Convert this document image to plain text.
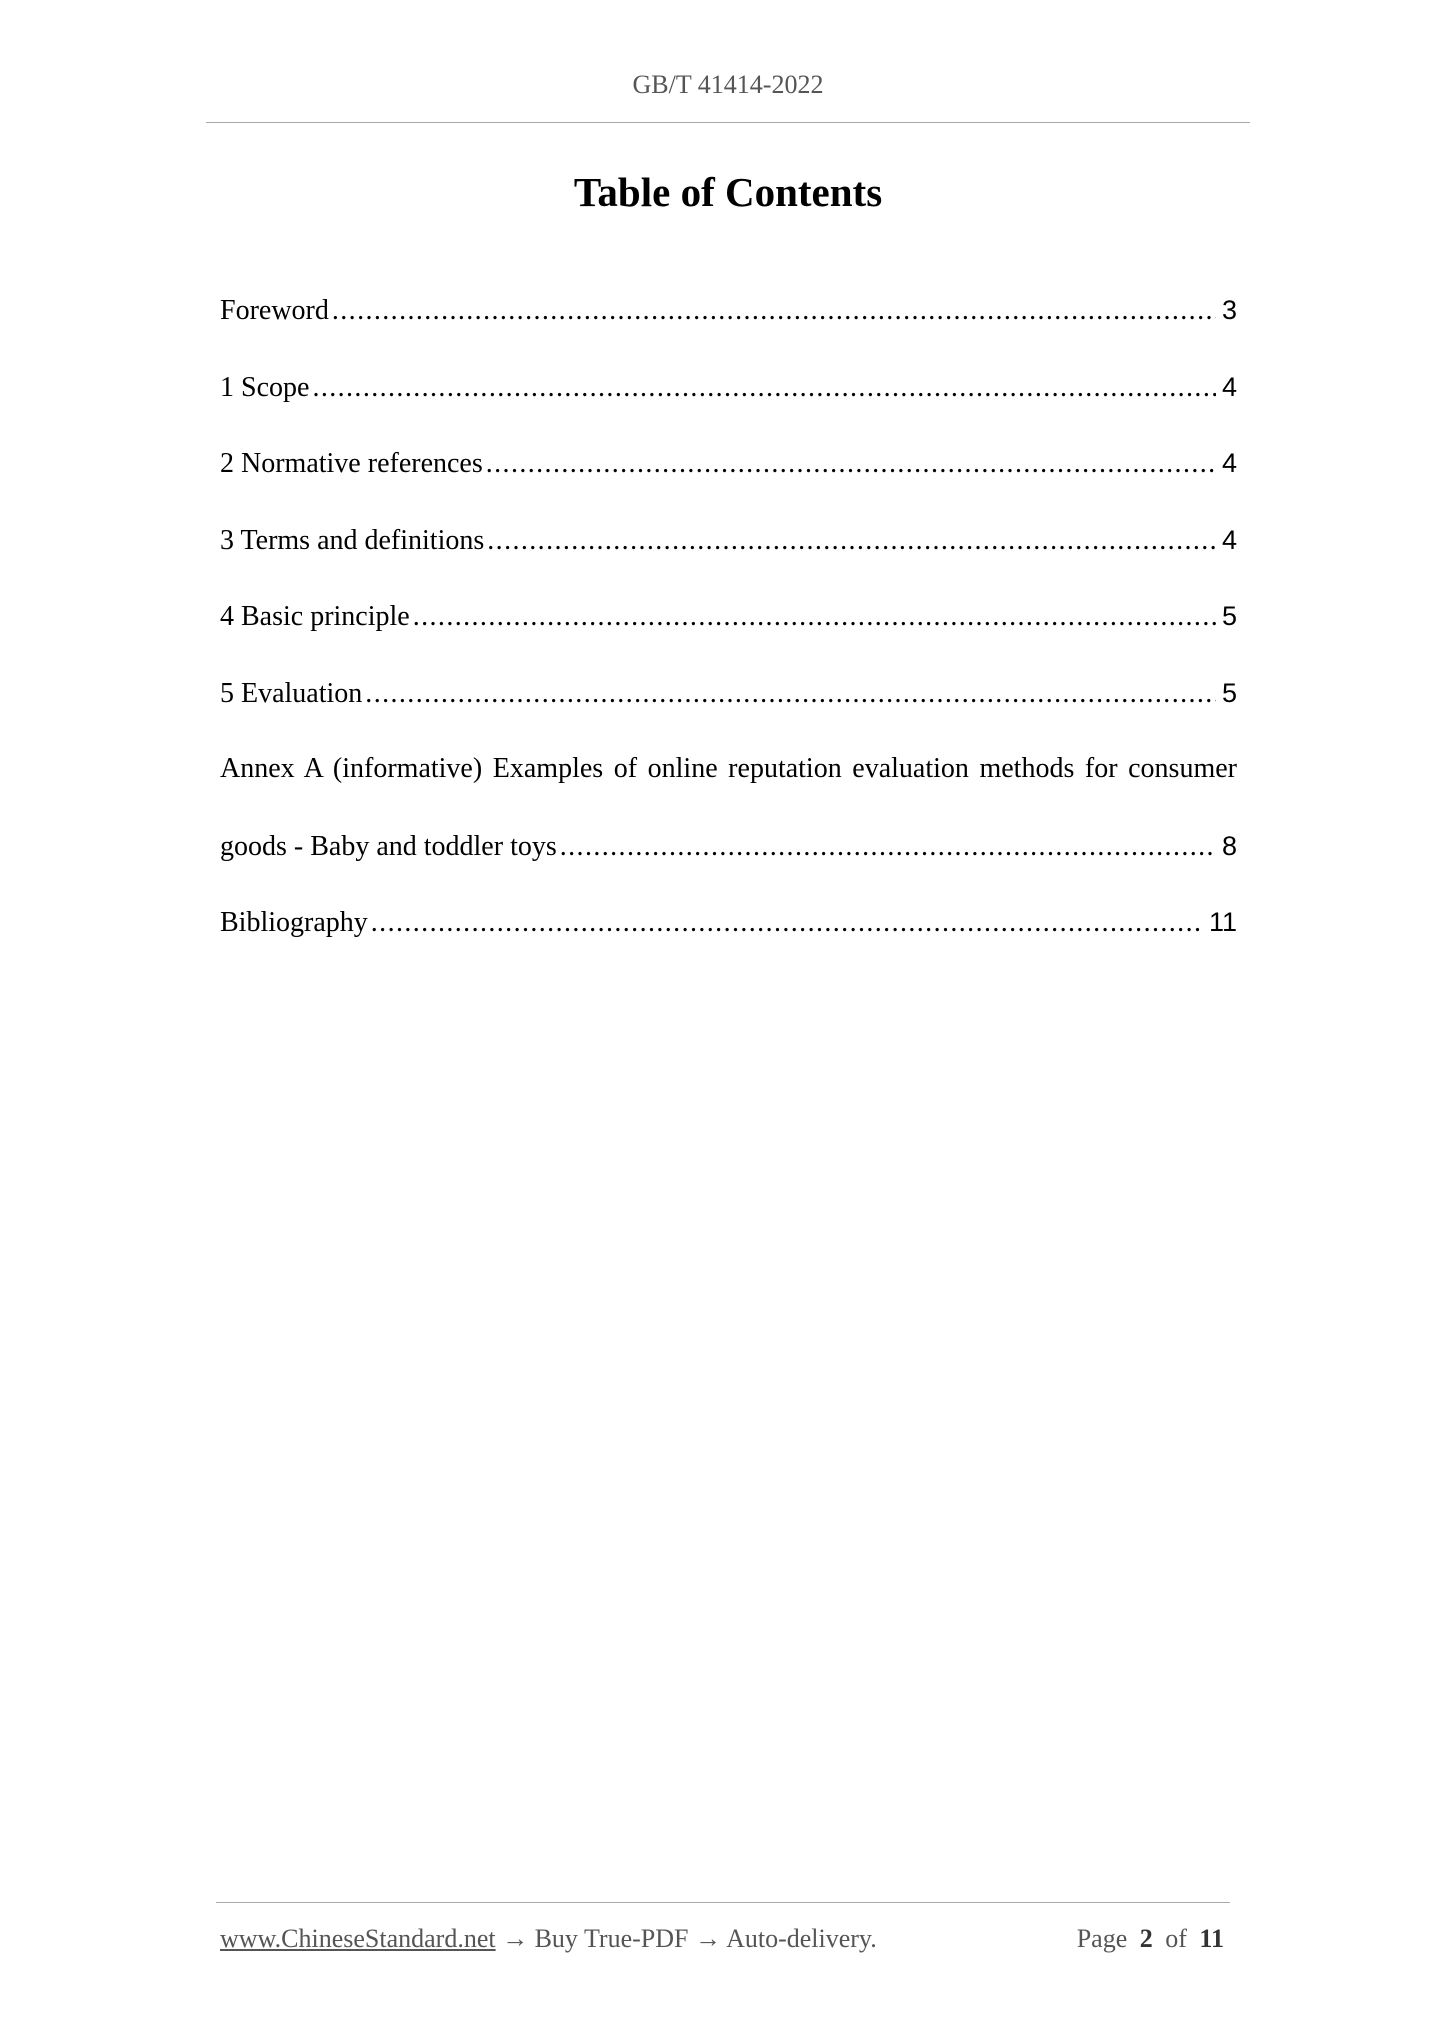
GB/T 41414-2022
Table of Contents
Foreword .....	3
1 Scope .....	4
2 Normative references .....	4
3 Terms and definitions .....	4
4 Basic principle .....	5
5 Evaluation .....	5
Annex A (informative) Examples of online reputation evaluation methods for consumer
goods - Baby and toddler toys .....	8
Bibliography .....	11
www.ChineseStandard.net → Buy True-PDF → Auto-delivery.	Page 2 of 11
